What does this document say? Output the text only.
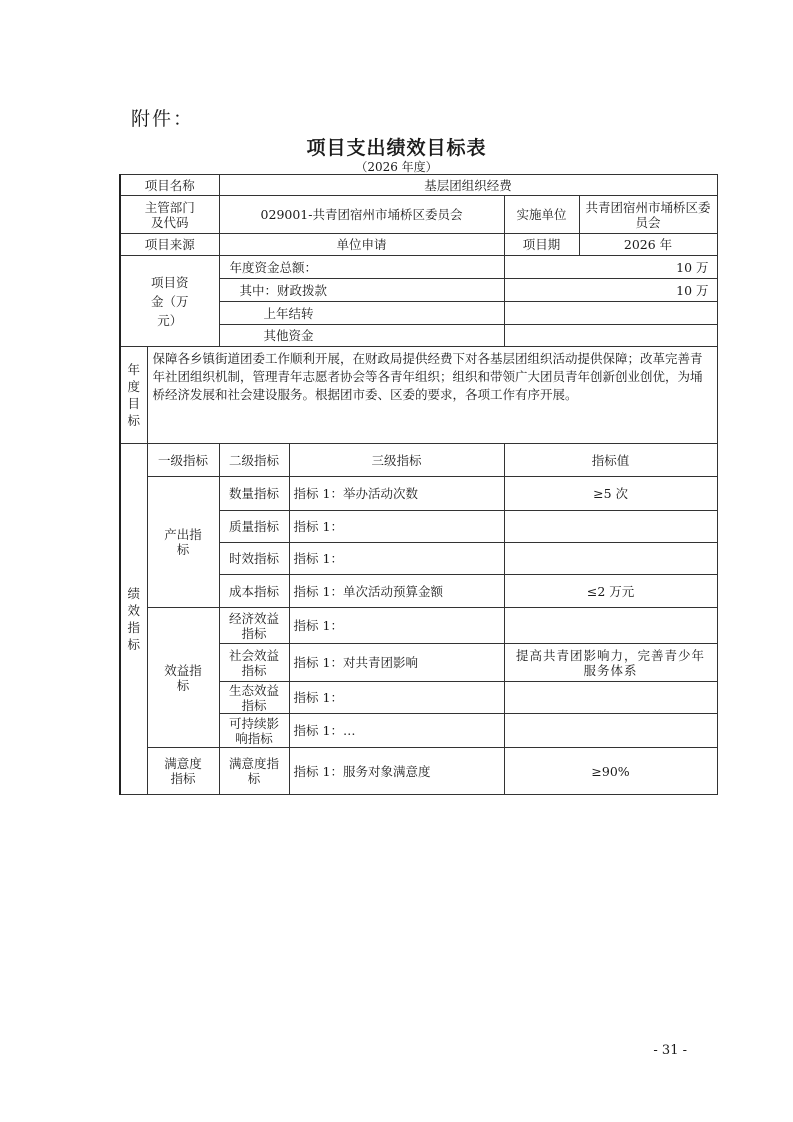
附件：
项目支出绩效目标表
（2026 年度）
项目名称		基层团组织经费			
主管部门及代码		029001-共青团宿州市埇桥区委员会		实施单位	共青团宿州市埇桥区委员会
项目来源		单位申请		项目期	2026 年
项目资金（万元）		年度资金总额：		10 万	
		其中：财政拨款		10 万	
		上年结转			
		其他资金			
年度目标	保障各乡镇街道团委工作顺利开展，在财政局提供经费下对各基层团组织活动提供保障；改革完善青年社团组织机制，管理青年志愿者协会等各青年组织；组织和带领广大团员青年创新创业创优，为埇桥经济发展和社会建设服务。根据团市委、区委的要求，各项工作有序开展。				
绩效指标	一级指标	二级指标	三级指标	指标值	
	产出指标	数量指标	指标 1：举办活动次数	≥5 次	
		质量指标	指标 1：		
		时效指标	指标 1：		
		成本指标	指标 1：单次活动预算金额	≤2 万元	
	效益指标	经济效益指标	指标 1：		
		社会效益指标	指标 1：对共青团影响	提高共青团影响力，完善青少年服务体系	
		生态效益指标	指标 1：		
		可持续影响指标	指标 1：…		
	满意度指标	满意度指标	指标 1：服务对象满意度	≥90%	
- 31 -
